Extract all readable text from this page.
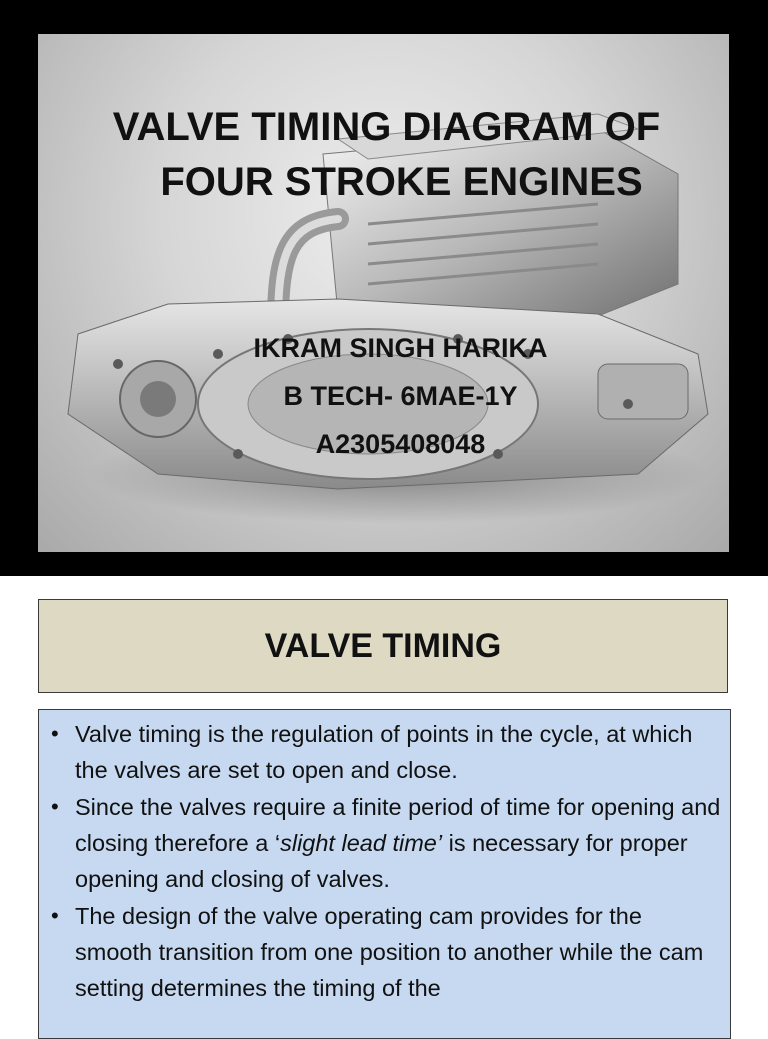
VALVE TIMING DIAGRAM OF
FOUR STROKE ENGINES
IKRAM SINGH HARIKA
B TECH- 6MAE-1Y
A2305408048
VALVE TIMING
• Valve timing is the regulation of points in the cycle, at which the valves are set to open and close.
• Since the valves require a finite period of time for opening and closing therefore a ‘slight lead time’ is necessary for proper opening and closing of valves.
• The design of the valve operating cam provides for the smooth transition from one position to another while the cam setting determines the timing of the
